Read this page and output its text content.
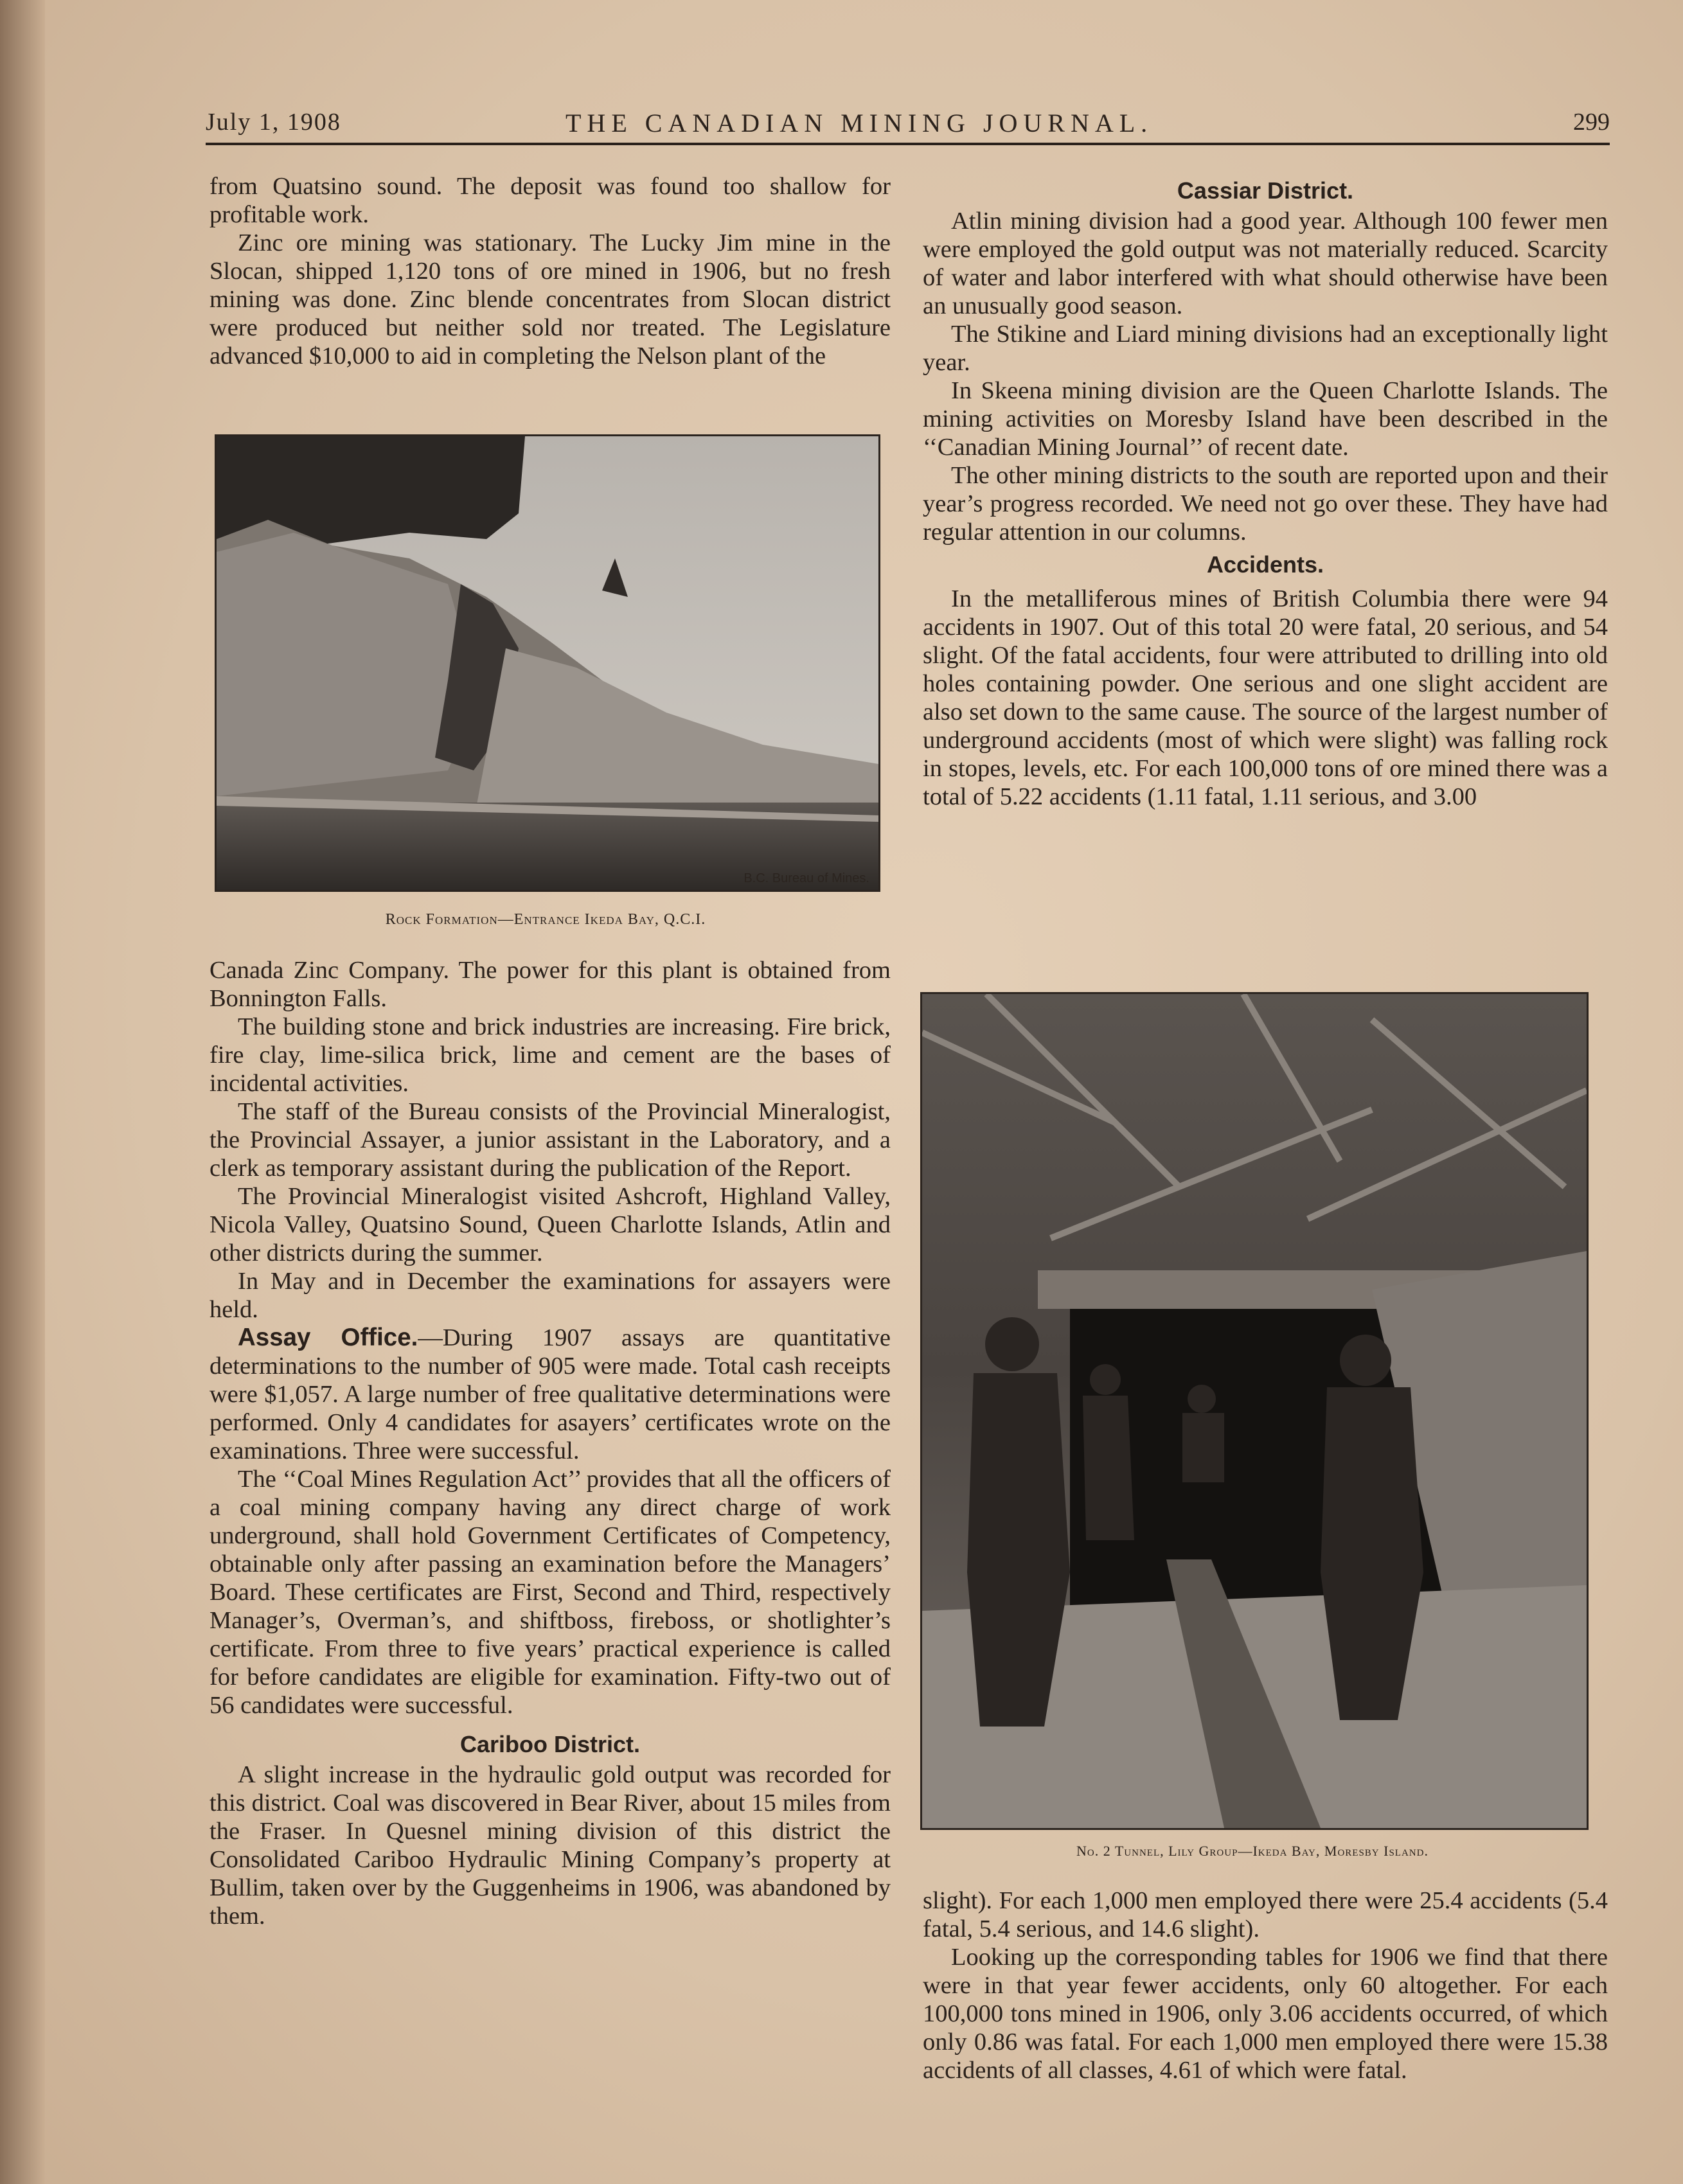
July 1, 1908	THE CANADIAN MINING JOURNAL.	299

from Quatsino sound. The deposit was found too shallow for profitable work.

Zinc ore mining was stationary. The Lucky Jim mine in the Slocan, shipped 1,120 tons of ore mined in 1906, but no fresh mining was done. Zinc blende concentrates from Slocan district were produced but neither sold nor treated. The Legislature advanced $10,000 to aid in completing the Nelson plant of the

B.C. Bureau of Mines.
Rock Formation—Entrance Ikeda Bay, Q.C.I.

Canada Zinc Company. The power for this plant is obtained from Bonnington Falls.

The building stone and brick industries are increasing. Fire brick, fire clay, lime-silica brick, lime and cement are the bases of incidental activities.

The staff of the Bureau consists of the Provincial Mineralogist, the Provincial Assayer, a junior assistant in the Laboratory, and a clerk as temporary assistant during the publication of the Report.

The Provincial Mineralogist visited Ashcroft, Highland Valley, Nicola Valley, Quatsino Sound, Queen Charlotte Islands, Atlin and other districts during the summer.

In May and in December the examinations for assayers were held.

Assay Office.—During 1907 assays are quantitative determinations to the number of 905 were made. Total cash receipts were $1,057. A large number of free qualitative determinations were performed. Only 4 candidates for asayers’ certificates wrote on the examinations. Three were successful.

The ‘‘Coal Mines Regulation Act’’ provides that all the officers of a coal mining company having any direct charge of work underground, shall hold Government Certificates of Competency, obtainable only after passing an examination before the Managers’ Board. These certificates are First, Second and Third, respectively Manager’s, Overman’s, and shiftboss, fireboss, or shotlighter’s certificate. From three to five years’ practical experience is called for before candidates are eligible for examination. Fifty-two out of 56 candidates were successful.

Cariboo District.

A slight increase in the hydraulic gold output was recorded for this district. Coal was discovered in Bear River, about 15 miles from the Fraser. In Quesnel mining division of this district the Consolidated Cariboo Hydraulic Mining Company’s property at Bullim, taken over by the Guggenheims in 1906, was abandoned by them.

Cassiar District.

Atlin mining division had a good year. Although 100 fewer men were employed the gold output was not materially reduced. Scarcity of water and labor interfered with what should otherwise have been an unusually good season.

The Stikine and Liard mining divisions had an exceptionally light year.

In Skeena mining division are the Queen Charlotte Islands. The mining activities on Moresby Island have been described in the ‘‘Canadian Mining Journal’’ of recent date.

The other mining districts to the south are reported upon and their year’s progress recorded. We need not go over these. They have had regular attention in our columns.

Accidents.

In the metalliferous mines of British Columbia there were 94 accidents in 1907. Out of this total 20 were fatal, 20 serious, and 54 slight. Of the fatal accidents, four were attributed to drilling into old holes containing powder. One serious and one slight accident are also set down to the same cause. The source of the largest number of underground accidents (most of which were slight) was falling rock in stopes, levels, etc. For each 100,000 tons of ore mined there was a total of 5.22 accidents (1.11 fatal, 1.11 serious, and 3.00

No. 2 Tunnel, Lily Group—Ikeda Bay, Moresby Island.

slight). For each 1,000 men employed there were 25.4 accidents (5.4 fatal, 5.4 serious, and 14.6 slight).

Looking up the corresponding tables for 1906 we find that there were in that year fewer accidents, only 60 altogether. For each 100,000 tons mined in 1906, only 3.06 accidents occurred, of which only 0.86 was fatal. For each 1,000 men employed there were 15.38 accidents of all classes, 4.61 of which were fatal.
